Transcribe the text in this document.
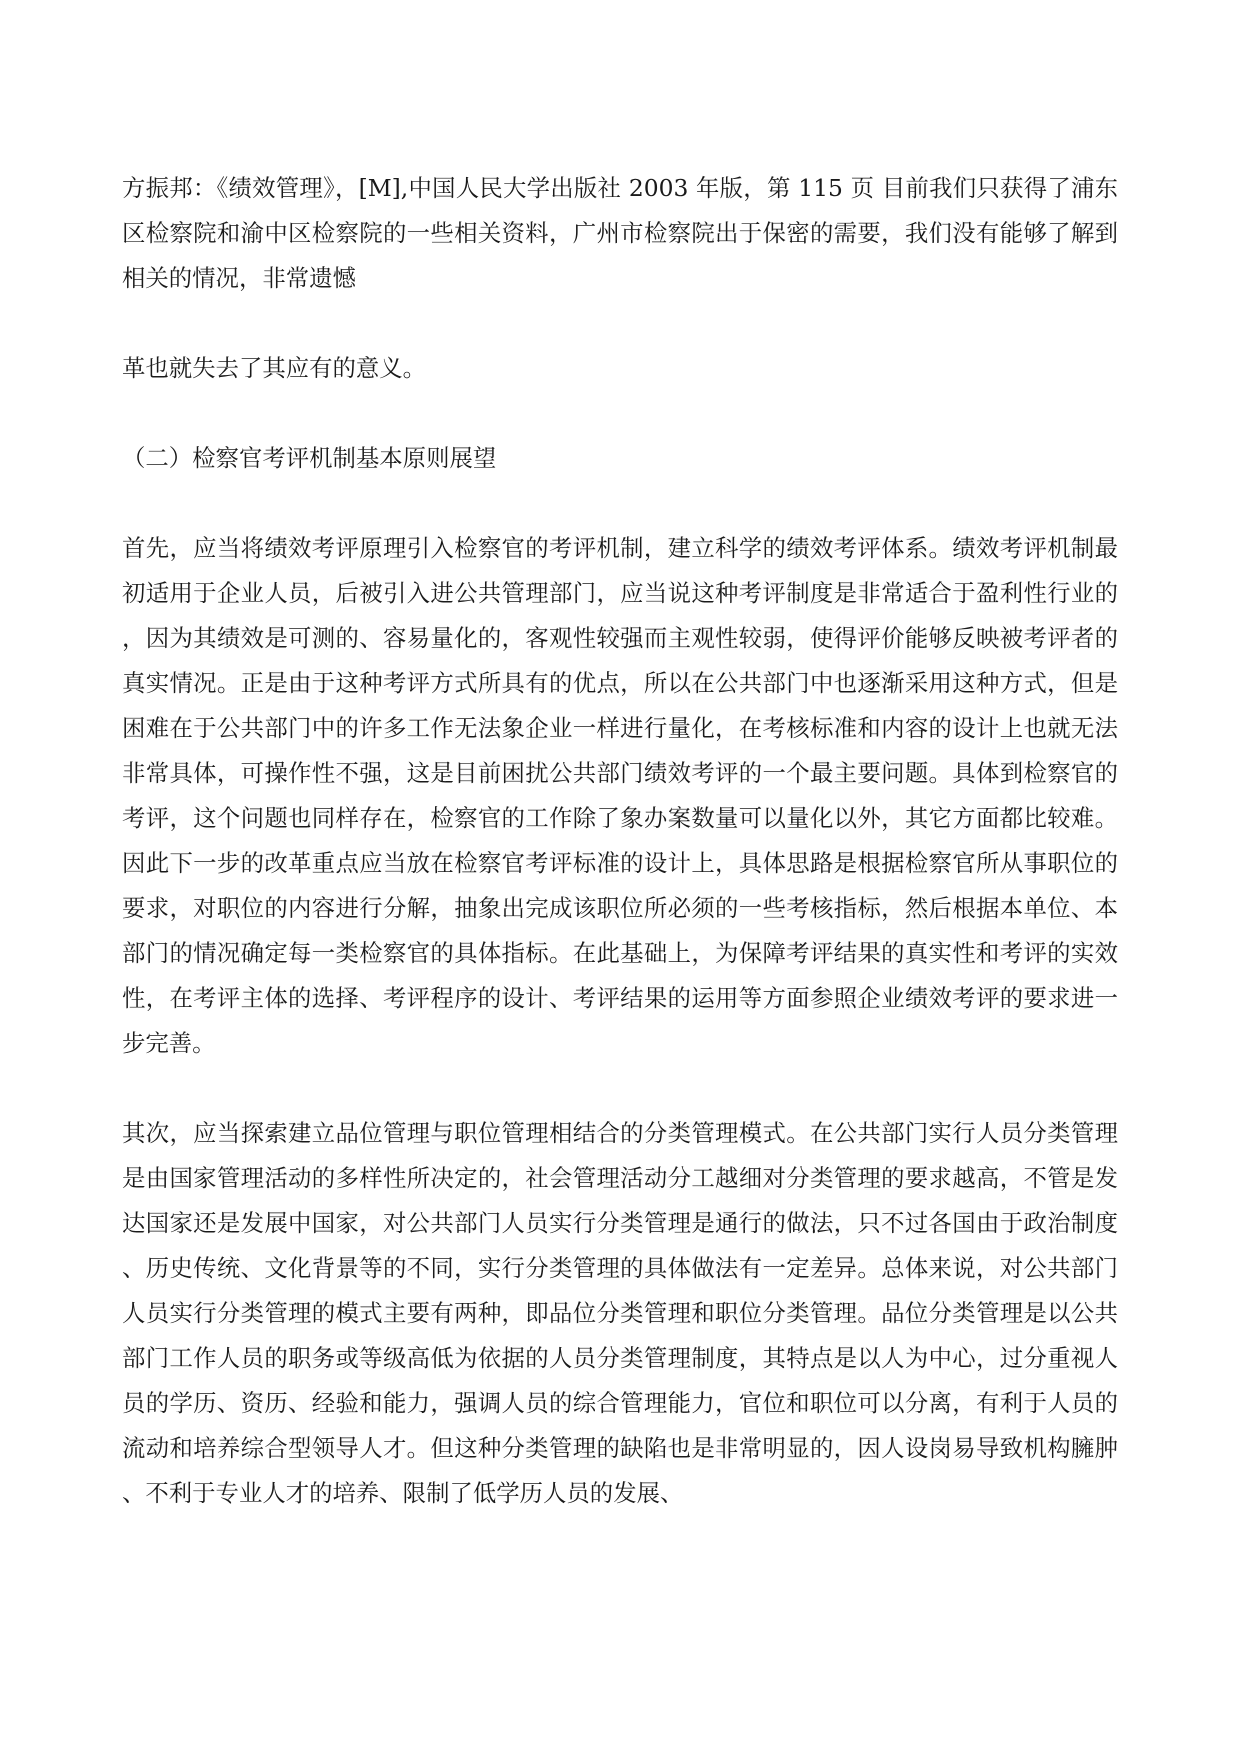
方振邦：《绩效管理》，[M],中国人民大学出版社 2003 年版，第 115 页 目前我们只获得了浦东区检察院和渝中区检察院的一些相关资料，广州市检察院出于保密的需要，我们没有能够了解到相关的情况，非常遗憾

革也就失去了其应有的意义。

（二）检察官考评机制基本原则展望

首先，应当将绩效考评原理引入检察官的考评机制，建立科学的绩效考评体系。绩效考评机制最初适用于企业人员，后被引入进公共管理部门，应当说这种考评制度是非常适合于盈利性行业的，因为其绩效是可测的、容易量化的，客观性较强而主观性较弱，使得评价能够反映被考评者的真实情况。正是由于这种考评方式所具有的优点，所以在公共部门中也逐渐采用这种方式，但是困难在于公共部门中的许多工作无法象企业一样进行量化，在考核标准和内容的设计上也就无法非常具体，可操作性不强，这是目前困扰公共部门绩效考评的一个最主要问题。具体到检察官的考评，这个问题也同样存在，检察官的工作除了象办案数量可以量化以外，其它方面都比较难。因此下一步的改革重点应当放在检察官考评标准的设计上，具体思路是根据检察官所从事职位的要求，对职位的内容进行分解，抽象出完成该职位所必须的一些考核指标，然后根据本单位、本部门的情况确定每一类检察官的具体指标。在此基础上，为保障考评结果的真实性和考评的实效性，在考评主体的选择、考评程序的设计、考评结果的运用等方面参照企业绩效考评的要求进一步完善。

其次，应当探索建立品位管理与职位管理相结合的分类管理模式。在公共部门实行人员分类管理是由国家管理活动的多样性所决定的，社会管理活动分工越细对分类管理的要求越高，不管是发达国家还是发展中国家，对公共部门人员实行分类管理是通行的做法，只不过各国由于政治制度、历史传统、文化背景等的不同，实行分类管理的具体做法有一定差异。总体来说，对公共部门人员实行分类管理的模式主要有两种，即品位分类管理和职位分类管理。品位分类管理是以公共部门工作人员的职务或等级高低为依据的人员分类管理制度，其特点是以人为中心，过分重视人员的学历、资历、经验和能力，强调人员的综合管理能力，官位和职位可以分离，有利于人员的流动和培养综合型领导人才。但这种分类管理的缺陷也是非常明显的，因人设岗易导致机构臃肿、不利于专业人才的培养、限制了低学历人员的发展、
